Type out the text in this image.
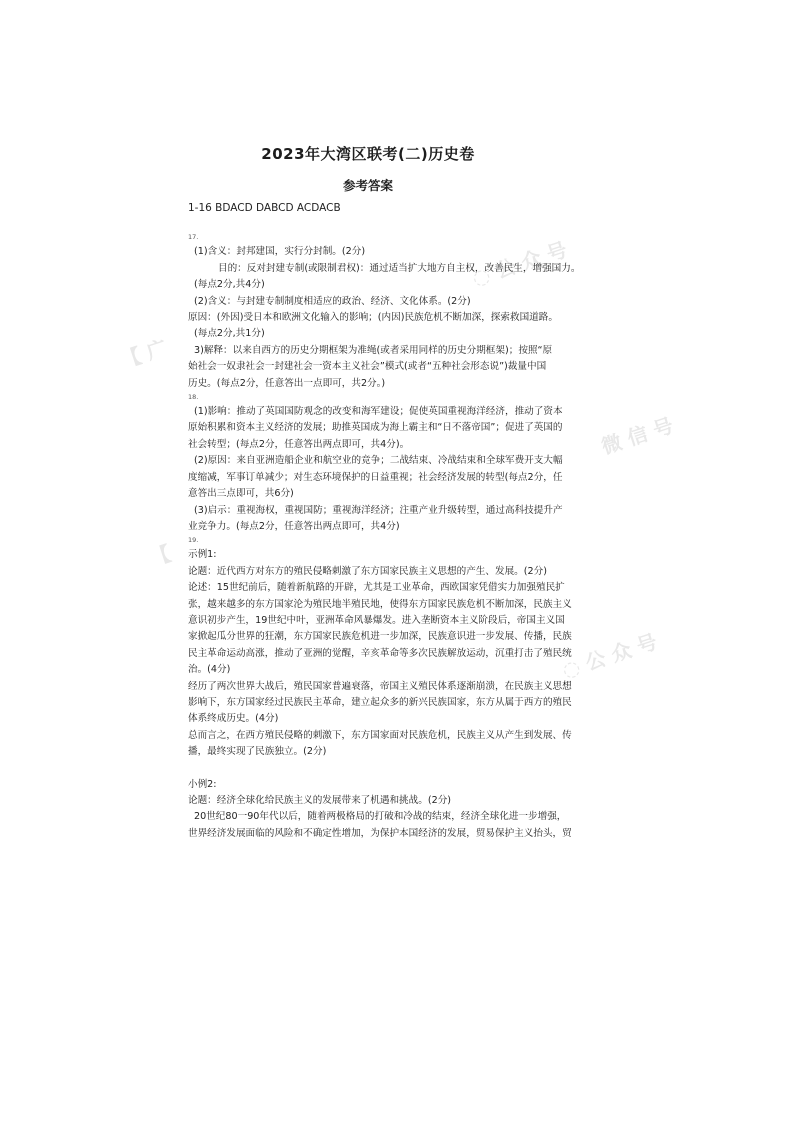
◌ 公 众 号
【 广
微 信 号
◌ 公 众 号
【
2023年大湾区联考(二)历史卷
参考答案
1-16 BDACD DABCD ACDACB
17.
(1)含义：封邦建国，实行分封制。(2分)
目的：反对封建专制(或限制君权)：通过适当扩大地方自主权，改善民生，增强国力。
(每点2分,共4分)
(2)含义：与封建专制制度相适应的政治、经济、文化体系。(2分)
原因：(外因)受日本和欧洲文化输入的影响；(内因)民族危机不断加深，探索救国道路。
(每点2分,共1分)
3)解释：以来自西方的历史分期框架为准绳(或者采用同样的历史分期框架)；按照“原
始社会一奴隶社会一封建社会一资本主义社会”模式(或者“五种社会形态说”)裁量中国
历史。(每点2分，任意答出一点即可，共2分。)
18.
(1)影响：推动了英国国防观念的改变和海军建设；促使英国重视海洋经济，推动了资本
原始积累和资本主义经济的发展；助推英国成为海上霸主和“日不落帝国”；促进了英国的
社会转型；(每点2分，任意答出两点即可，共4分)。
(2)原因：来自亚洲造船企业和航空业的竞争；二战结束、冷战结束和全球军费开支大幅
度缩减，军事订单减少；对生态环境保护的日益重视；社会经济发展的转型(每点2分，任
意答出三点即可，共6分)
(3)启示：重视海权，重视国防；重视海洋经济；注重产业升级转型，通过高科技提升产
业竞争力。(每点2分，任意答出两点即可，共4分)
19.
示例1:
论题：近代西方对东方的殖民侵略刺激了东方国家民族主义思想的产生、发展。(2分)
论述：15世纪前后，随着新航路的开辟，尤其是工业革命，西欧国家凭借实力加强殖民扩
张，越来越多的东方国家沦为殖民地半殖民地，使得东方国家民族危机不断加深，民族主义
意识初步产生，19世纪中叶，亚洲革命风暴爆发。进入垄断资本主义阶段后，帝国主义国
家掀起瓜分世界的狂潮，东方国家民族危机进一步加深，民族意识进一步发展、传播，民族
民主革命运动高涨，推动了亚洲的觉醒，辛亥革命等多次民族解放运动，沉重打击了殖民统
治。(4分)
经历了两次世界大战后，殖民国家普遍衰落，帝国主义殖民体系逐渐崩溃，在民族主义思想
影响下，东方国家经过民族民主革命，建立起众多的新兴民族国家，东方从属于西方的殖民
体系终成历史。(4分)
总而言之，在西方殖民侵略的刺激下，东方国家面对民族危机，民族主义从产生到发展、传
播，最终实现了民族独立。(2分)
小例2:
论题：经济全球化给民族主义的发展带来了机遇和挑战。(2分)
20世纪80一90年代以后，随着两极格局的打破和冷战的结束，经济全球化进一步增强，
世界经济发展面临的风险和不确定性增加，为保护本国经济的发展，贸易保护主义抬头，贸
